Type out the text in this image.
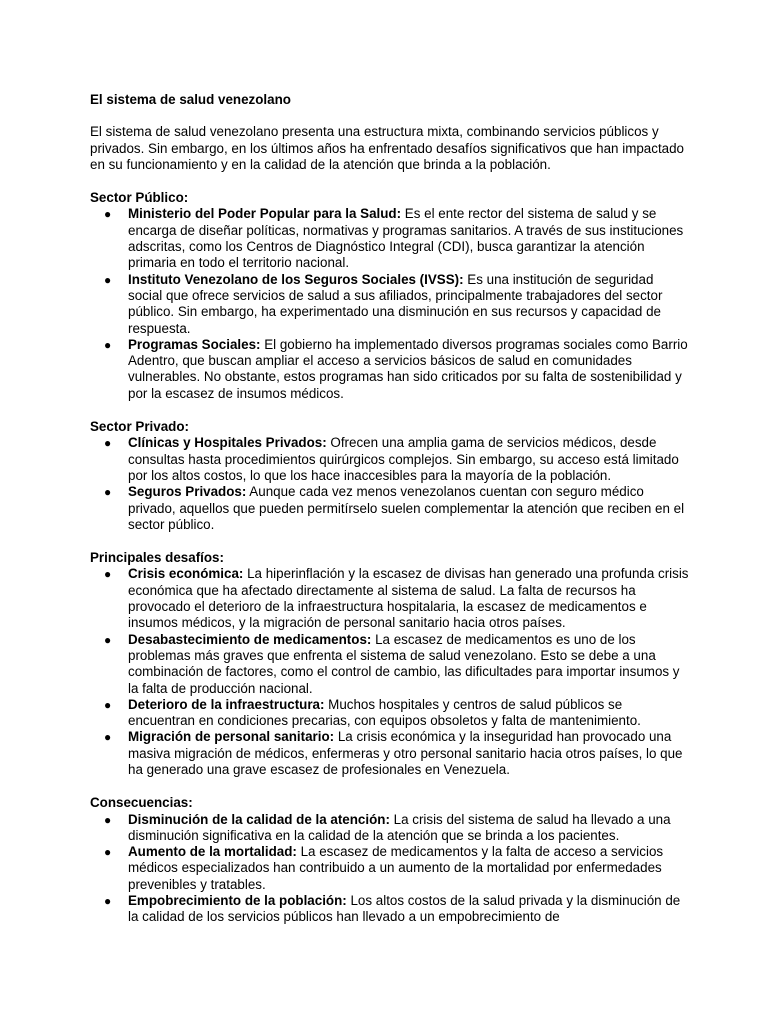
El sistema de salud venezolano

El sistema de salud venezolano presenta una estructura mixta, combinando servicios públicos y privados. Sin embargo, en los últimos años ha enfrentado desafíos significativos que han impactado en su funcionamiento y en la calidad de la atención que brinda a la población.

Sector Público:

● Ministerio del Poder Popular para la Salud: Es el ente rector del sistema de salud y se encarga de diseñar políticas, normativas y programas sanitarios. A través de sus instituciones adscritas, como los Centros de Diagnóstico Integral (CDI), busca garantizar la atención primaria en todo el territorio nacional.
● Instituto Venezolano de los Seguros Sociales (IVSS): Es una institución de seguridad social que ofrece servicios de salud a sus afiliados, principalmente trabajadores del sector público. Sin embargo, ha experimentado una disminución en sus recursos y capacidad de respuesta.
● Programas Sociales: El gobierno ha implementado diversos programas sociales como Barrio Adentro, que buscan ampliar el acceso a servicios básicos de salud en comunidades vulnerables. No obstante, estos programas han sido criticados por su falta de sostenibilidad y por la escasez de insumos médicos.

Sector Privado:

● Clínicas y Hospitales Privados: Ofrecen una amplia gama de servicios médicos, desde consultas hasta procedimientos quirúrgicos complejos. Sin embargo, su acceso está limitado por los altos costos, lo que los hace inaccesibles para la mayoría de la población.
● Seguros Privados: Aunque cada vez menos venezolanos cuentan con seguro médico privado, aquellos que pueden permitírselo suelen complementar la atención que reciben en el sector público.

Principales desafíos:

● Crisis económica: La hiperinflación y la escasez de divisas han generado una profunda crisis económica que ha afectado directamente al sistema de salud. La falta de recursos ha provocado el deterioro de la infraestructura hospitalaria, la escasez de medicamentos e insumos médicos, y la migración de personal sanitario hacia otros países.
● Desabastecimiento de medicamentos: La escasez de medicamentos es uno de los problemas más graves que enfrenta el sistema de salud venezolano. Esto se debe a una combinación de factores, como el control de cambio, las dificultades para importar insumos y la falta de producción nacional.
● Deterioro de la infraestructura: Muchos hospitales y centros de salud públicos se encuentran en condiciones precarias, con equipos obsoletos y falta de mantenimiento.
● Migración de personal sanitario: La crisis económica y la inseguridad han provocado una masiva migración de médicos, enfermeras y otro personal sanitario hacia otros países, lo que ha generado una grave escasez de profesionales en Venezuela.

Consecuencias:

● Disminución de la calidad de la atención: La crisis del sistema de salud ha llevado a una disminución significativa en la calidad de la atención que se brinda a los pacientes.
● Aumento de la mortalidad: La escasez de medicamentos y la falta de acceso a servicios médicos especializados han contribuido a un aumento de la mortalidad por enfermedades prevenibles y tratables.
● Empobrecimiento de la población: Los altos costos de la salud privada y la disminución de la calidad de los servicios públicos han llevado a un empobrecimiento de
